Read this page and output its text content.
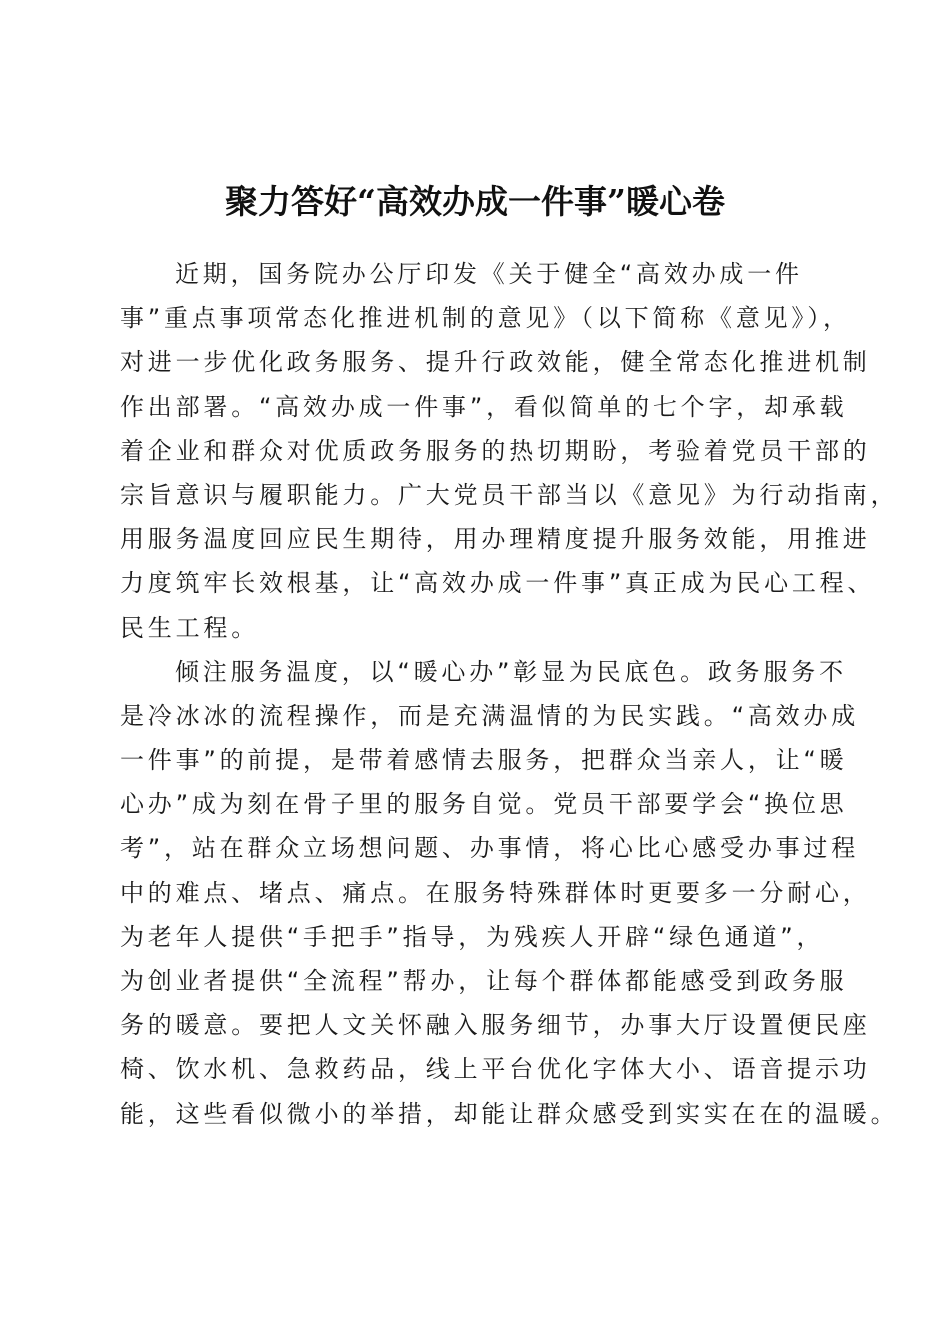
聚力答好“高效办成一件事”暖心卷
近期，国务院办公厅印发《关于健全“高效办成一件
事”重点事项常态化推进机制的意见》（以下简称《意见》），
对进一步优化政务服务、提升行政效能，健全常态化推进机制
作出部署。“高效办成一件事”，看似简单的七个字，却承载
着企业和群众对优质政务服务的热切期盼，考验着党员干部的
宗旨意识与履职能力。广大党员干部当以《意见》为行动指南，
用服务温度回应民生期待，用办理精度提升服务效能，用推进
力度筑牢长效根基，让“高效办成一件事”真正成为民心工程、
民生工程。
倾注服务温度，以“暖心办”彰显为民底色。政务服务不
是冷冰冰的流程操作，而是充满温情的为民实践。“高效办成
一件事”的前提，是带着感情去服务，把群众当亲人，让“暖
心办”成为刻在骨子里的服务自觉。党员干部要学会“换位思
考”，站在群众立场想问题、办事情，将心比心感受办事过程
中的难点、堵点、痛点。在服务特殊群体时更要多一分耐心，
为老年人提供“手把手”指导，为残疾人开辟“绿色通道”，
为创业者提供“全流程”帮办，让每个群体都能感受到政务服
务的暖意。要把人文关怀融入服务细节，办事大厅设置便民座
椅、饮水机、急救药品，线上平台优化字体大小、语音提示功
能，这些看似微小的举措，却能让群众感受到实实在在的温暖。
